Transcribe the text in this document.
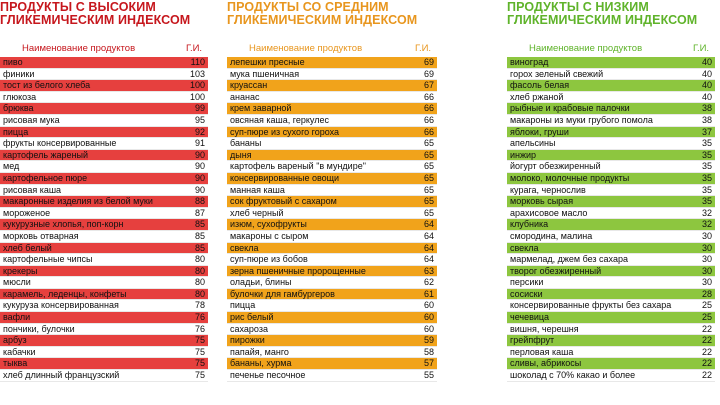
ПРОДУКТЫ С ВЫСОКИМ
ГЛИКЕМИЧЕСКИМ ИНДЕКСОМ
Наименование продуктов	Г.И.
пиво	110
финики	103
тост из белого хлеба	100
глюкоза	100
брюква	99
рисовая мука	95
пицца	92
фрукты консервированные	91
картофель жареный	90
мед	90
картофельное пюре	90
рисовая каша	90
макаронные изделия из белой муки	88
мороженое	87
кукурузные хлопья, поп-корн	85
морковь отварная	85
хлеб белый	85
картофельные чипсы	80
крекеры	80
мюсли	80
карамель, леденцы, конфеты	80
кукуруза консервированная	78
вафли	76
пончики, булочки	76
арбуз	75
кабачки	75
тыква	75
хлеб длинный французский	75
ПРОДУКТЫ СО СРЕДНИМ
ГЛИКЕМИЧЕСКИМ ИНДЕКСОМ
Наименование продуктов	Г.И.
лепешки пресные	69
мука пшеничная	69
круассан	67
ананас	66
крем заварной	66
овсяная каша, геркулес	66
суп-пюре из сухого гороха	66
бананы	65
дыня	65
картофель вареный "в мундире"	65
консервированные овощи	65
манная каша	65
сок фруктовый с сахаром	65
хлеб черный	65
изюм, сухофрукты	64
макароны с сыром	64
свекла	64
суп-пюре из бобов	64
зерна пшеничные пророщенные	63
оладьи, блины	62
булочки для гамбургеров	61
пицца	60
рис белый	60
сахароза	60
пирожки	59
папайя, манго	58
бананы, хурма	57
печенье песочное	55
ПРОДУКТЫ С НИЗКИМ
ГЛИКЕМИЧЕСКИМ ИНДЕКСОМ
Наименование продуктов	Г.И.
виноград	40
горох зеленый свежий	40
фасоль белая	40
хлеб ржаной	40
рыбные и крабовые палочки	38
макароны из муки грубого помола	38
яблоки, груши	37
апельсины	35
инжир	35
йогурт обезжиренный	35
молоко, молочные продукты	35
курага, чернослив	35
морковь сырая	35
арахисовое масло	32
клубника	32
смородина, малина	30
свекла	30
мармелад, джем без сахара	30
творог обезжиренный	30
персики	30
сосиски	28
консервированные фрукты без сахара	25
чечевица	25
вишня, черешня	22
грейпфрут	22
перловая каша	22
сливы, абрикосы	22
шоколад с 70% какао и более	22
